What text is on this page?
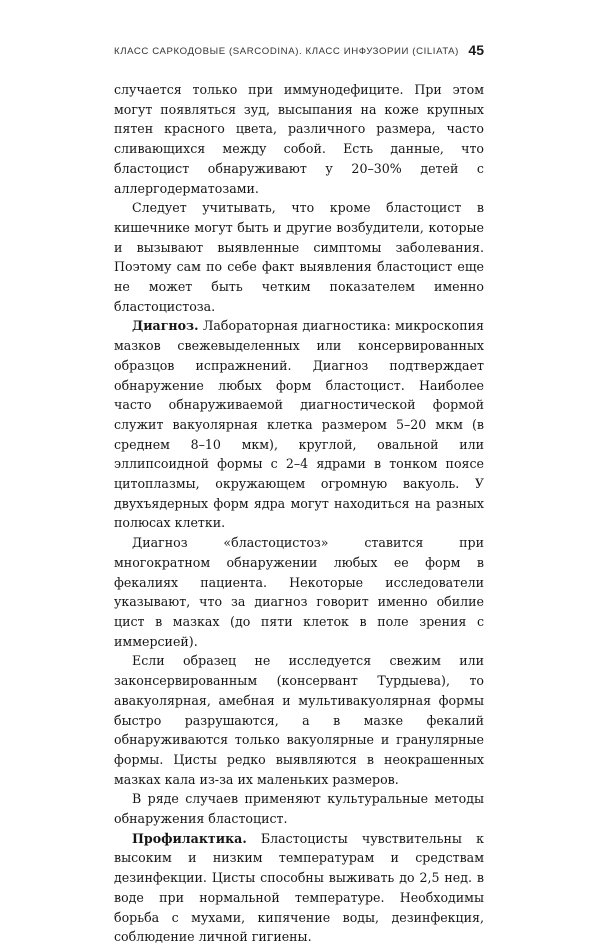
КЛАСС САРКОДОВЫЕ (SARCODINA). КЛАСС ИНФУЗОРИИ (CILIATA) 45

случается только при иммунодефиците. При этом могут появляться зуд, высыпания на коже крупных пятен красного цвета, различного размера, часто сливающихся между собой. Есть данные, что бластоцист обнаруживают у 20–30% детей с аллергодерматозами.

Следует учитывать, что кроме бластоцист в кишечнике могут быть и другие возбудители, которые и вызывают выявленные симптомы заболевания. Поэтому сам по себе факт выявления бластоцист еще не может быть четким показателем именно бластоцистоза.

Диагноз. Лабораторная диагностика: микроскопия мазков свежевыделенных или консервированных образцов испражнений. Диагноз подтверждает обнаружение любых форм бластоцист. Наиболее часто обнаруживаемой диагностической формой служит вакуолярная клетка размером 5–20 мкм (в среднем 8–10 мкм), круглой, овальной или эллипсоидной формы с 2–4 ядрами в тонком поясе цитоплазмы, окружающем огромную вакуоль. У двухъядерных форм ядра могут находиться на разных полюсах клетки.

Диагноз «бластоцистоз» ставится при многократном обнаружении любых ее форм в фекалиях пациента. Некоторые исследователи указывают, что за диагноз говорит именно обилие цист в мазках (до пяти клеток в поле зрения с иммерсией).

Если образец не исследуется свежим или законсервированным (консервант Турдыева), то авакуолярная, амебная и мультивакуолярная формы быстро разрушаются, а в мазке фекалий обнаруживаются только вакуолярные и гранулярные формы. Цисты редко выявляются в неокрашенных мазках кала из-за их маленьких размеров.

В ряде случаев применяют культуральные методы обнаружения бластоцист.

Профилактика. Бластоцисты чувствительны к высоким и низким температурам и средствам дезинфекции. Цисты способны выживать до 2,5 нед. в воде при нормальной температуре. Необходимы борьба с мухами, кипячение воды, дезинфекция, соблюдение личной гигиены.
